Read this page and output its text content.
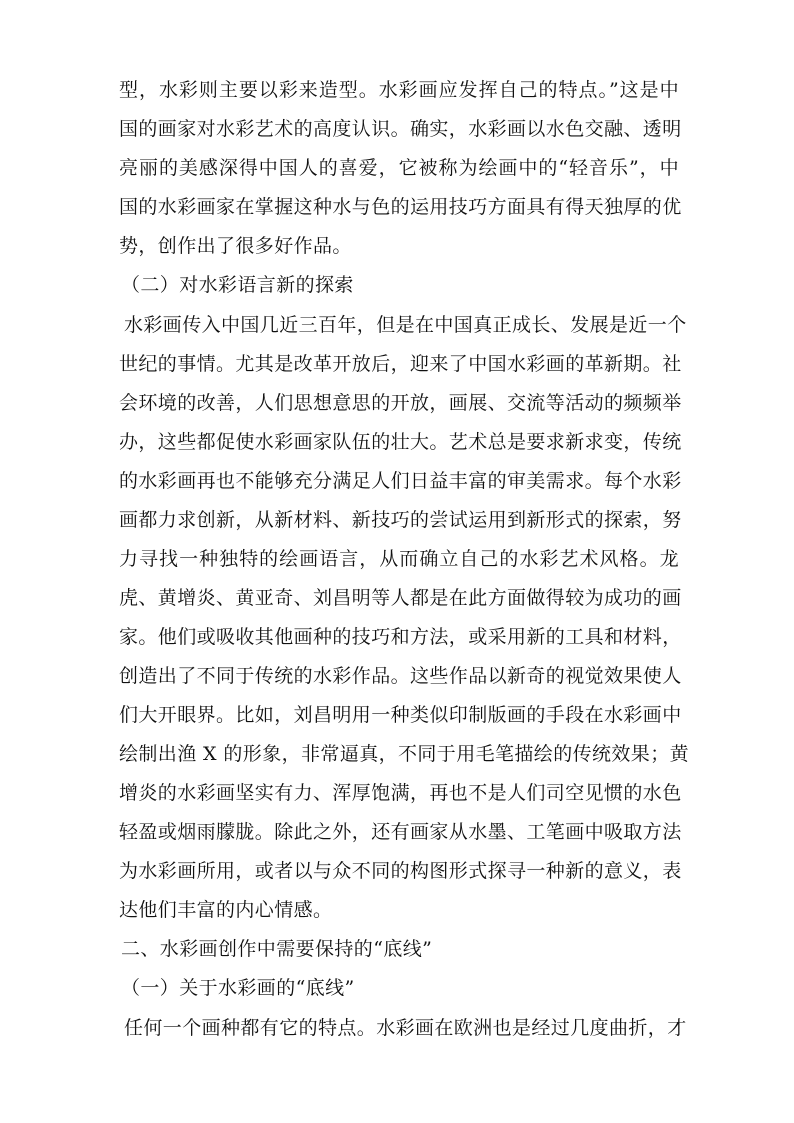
型，水彩则主要以彩来造型。水彩画应发挥自己的特点。”这是中
国的画家对水彩艺术的高度认识。确实，水彩画以水色交融、透明
亮丽的美感深得中国人的喜爱，它被称为绘画中的“轻音乐”，中
国的水彩画家在掌握这种水与色的运用技巧方面具有得天独厚的优
势，创作出了很多好作品。
（二）对水彩语言新的探索
水彩画传入中国几近三百年，但是在中国真正成长、发展是近一个
世纪的事情。尤其是改革开放后，迎来了中国水彩画的革新期。社
会环境的改善，人们思想意思的开放，画展、交流等活动的频频举
办，这些都促使水彩画家队伍的壮大。艺术总是要求新求变，传统
的水彩画再也不能够充分满足人们日益丰富的审美需求。每个水彩
画都力求创新，从新材料、新技巧的尝试运用到新形式的探索，努
力寻找一种独特的绘画语言，从而确立自己的水彩艺术风格。龙
虎、黄增炎、黄亚奇、刘昌明等人都是在此方面做得较为成功的画
家。他们或吸收其他画种的技巧和方法，或采用新的工具和材料，
创造出了不同于传统的水彩作品。这些作品以新奇的视觉效果使人
们大开眼界。比如，刘昌明用一种类似印制版画的手段在水彩画中
绘制出渔 X 的形象，非常逼真，不同于用毛笔描绘的传统效果；黄
增炎的水彩画坚实有力、浑厚饱满，再也不是人们司空见惯的水色
轻盈或烟雨朦胧。除此之外，还有画家从水墨、工笔画中吸取方法
为水彩画所用，或者以与众不同的构图形式探寻一种新的意义，表
达他们丰富的内心情感。
二、水彩画创作中需要保持的“底线”
（一）关于水彩画的“底线”
任何一个画种都有它的特点。水彩画在欧洲也是经过几度曲折，才
